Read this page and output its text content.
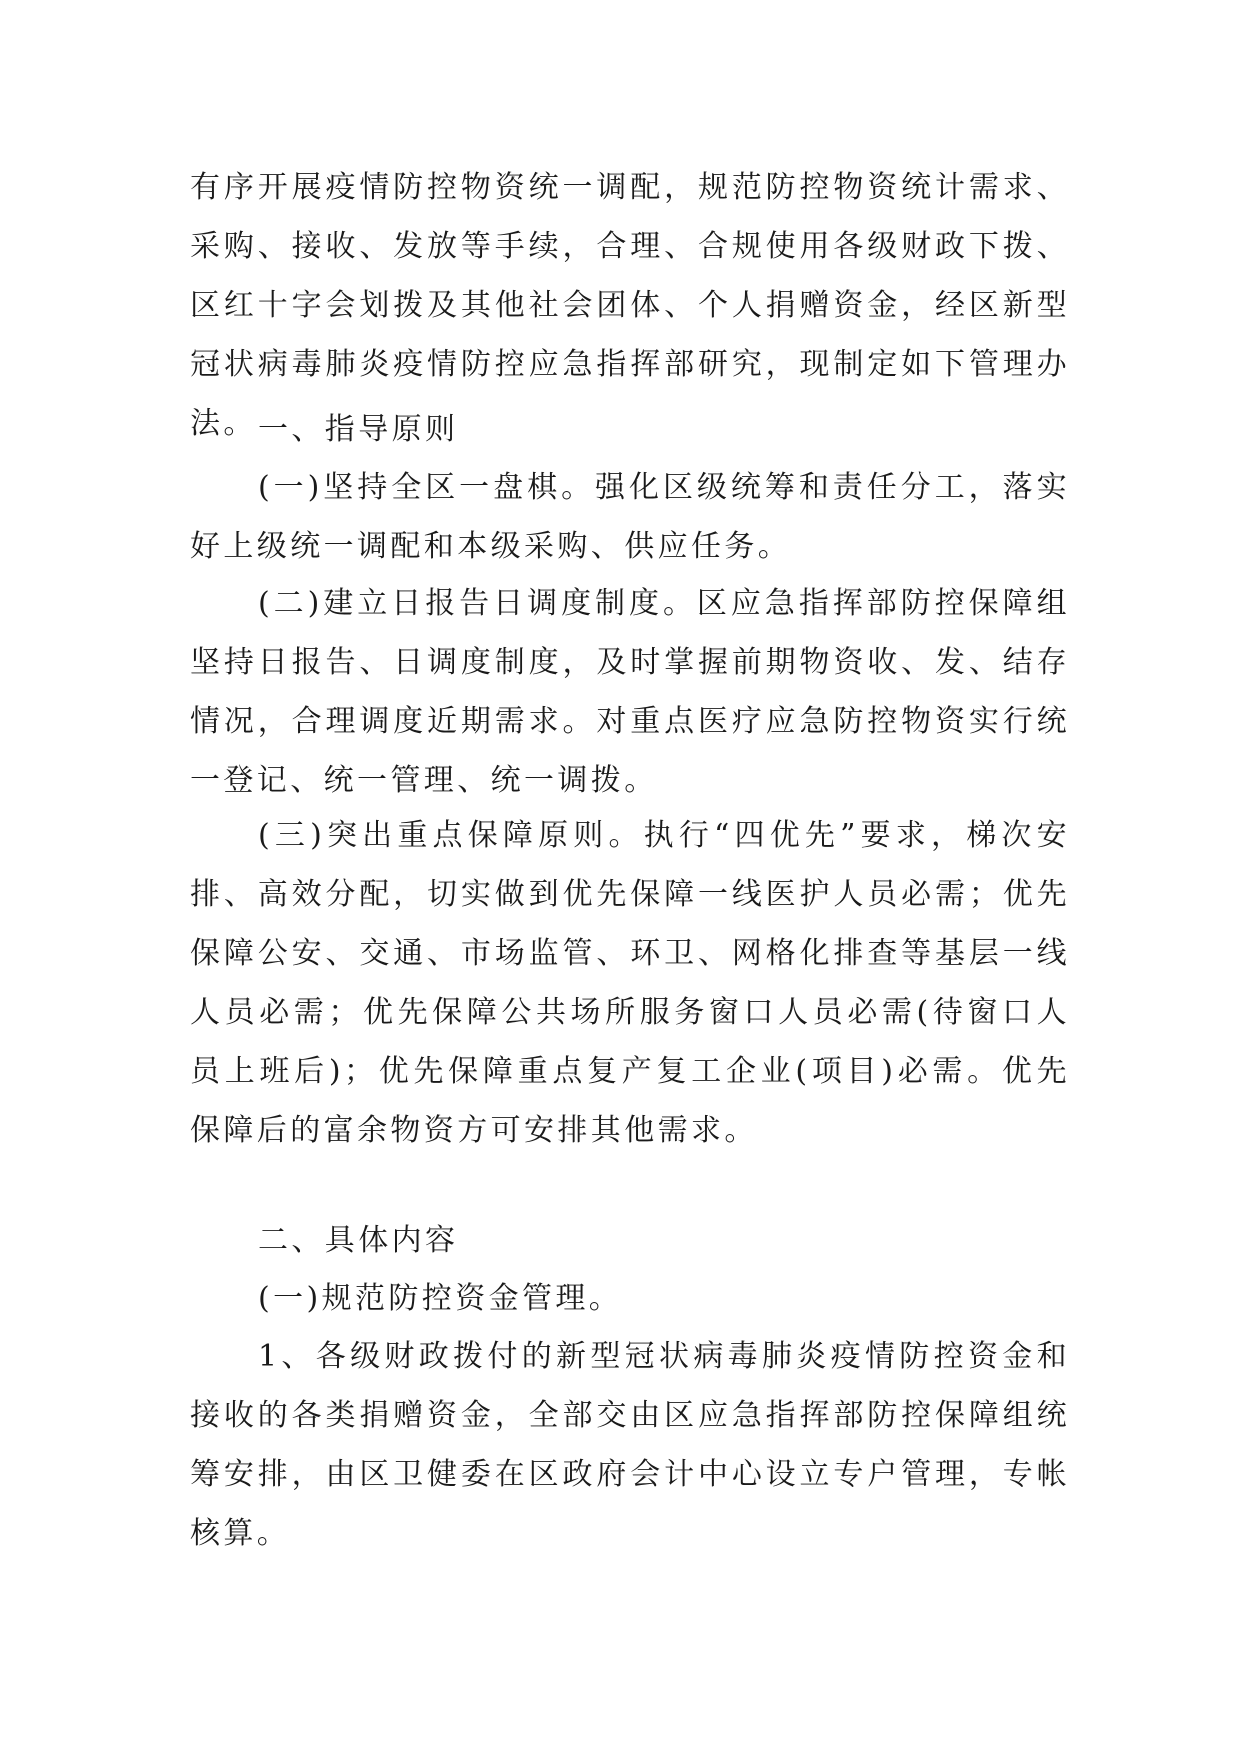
有序开展疫情防控物资统一调配，规范防控物资统计需求、采购、接收、发放等手续，合理、合规使用各级财政下拨、区红十字会划拨及其他社会团体、个人捐赠资金，经区新型冠状病毒肺炎疫情防控应急指挥部研究，现制定如下管理办法。 一、指导原则

(一)坚持全区一盘棋。强化区级统筹和责任分工，落实好上级统一调配和本级采购、供应任务。

(二)建立日报告日调度制度。区应急指挥部防控保障组坚持日报告、日调度制度，及时掌握前期物资收、发、结存情况，合理调度近期需求。对重点医疗应急防控物资实行统一登记、统一管理、统一调拨。

(三)突出重点保障原则。执行“四优先”要求，梯次安排、高效分配，切实做到优先保障一线医护人员必需；优先保障公安、交通、市场监管、环卫、网格化排查等基层一线人员必需；优先保障公共场所服务窗口人员必需(待窗口人员上班后)；优先保障重点复产复工企业(项目)必需。优先保障后的富余物资方可安排其他需求。

二、具体内容

(一)规范防控资金管理。

1、各级财政拨付的新型冠状病毒肺炎疫情防控资金和接收的各类捐赠资金，全部交由区应急指挥部防控保障组统筹安排，由区卫健委在区政府会计中心设立专户管理，专帐核算。
